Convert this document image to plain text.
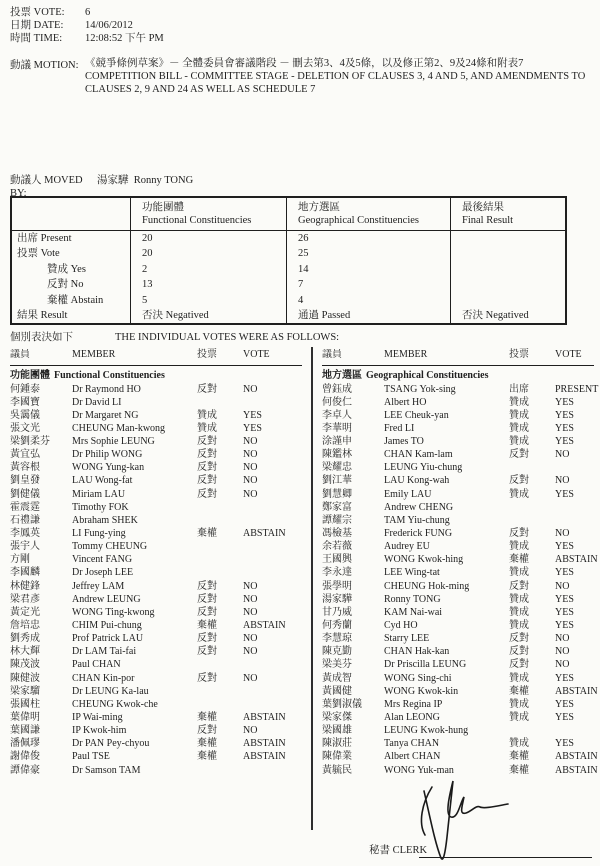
投票 VOTE:	6
日期 DATE:	14/06/2012
時間 TIME:	12:08:52 下午 PM
動議 MOTION: 《競爭條例草案》－ 全體委員會審議階段 － 刪去第3、4及5條，以及修正第2、9及24條和附表7
COMPETITION BILL - COMMITTEE STAGE - DELETION OF CLAUSES 3, 4 AND 5, AND AMENDMENTS TO
CLAUSES 2, 9 AND 24 AS WELL AS SCHEDULE 7
動議人 MOVED BY:
湯家驊  Ronny TONG
功能團體
Functional Constituencies
地方選區
Geographical Constituencies
最後結果
Final Result
出席 Present	20	26
投票 Vote	20	25
贊成 Yes	2	14
反對 No	13	7
棄權 Abstain	5	4
結果 Result	否決 Negatived	通過 Passed	否決 Negatived
個別表決如下	THE INDIVIDUAL VOTES WERE AS FOLLOWS:
議員	MEMBER	投票	VOTE
功能團體 Functional Constituencies
何鍾泰	Dr Raymond HO	反對	NO
李國寶	Dr David LI
吳靄儀	Dr Margaret NG	贊成	YES
張文光	CHEUNG Man-kwong	贊成	YES
梁劉柔芬	Mrs Sophie LEUNG	反對	NO
黃宜弘	Dr Philip WONG	反對	NO
黃容根	WONG Yung-kan	反對	NO
劉皇發	LAU Wong-fat	反對	NO
劉健儀	Miriam LAU	反對	NO
霍震霆	Timothy FOK
石禮謙	Abraham SHEK
李鳳英	LI Fung-ying	棄權	ABSTAIN
張宇人	Tommy CHEUNG
方剛	Vincent FANG
李國麟	Dr Joseph LEE
林健鋒	Jeffrey LAM	反對	NO
梁君彥	Andrew LEUNG	反對	NO
黃定光	WONG Ting-kwong	反對	NO
詹培忠	CHIM Pui-chung	棄權	ABSTAIN
劉秀成	Prof Patrick LAU	反對	NO
林大輝	Dr LAM Tai-fai	反對	NO
陳茂波	Paul CHAN
陳健波	CHAN Kin-por	反對	NO
梁家騮	Dr LEUNG Ka-lau
張國柱	CHEUNG Kwok-che
葉偉明	IP Wai-ming	棄權	ABSTAIN
葉國謙	IP Kwok-him	反對	NO
潘佩璆	Dr PAN Pey-chyou	棄權	ABSTAIN
謝偉俊	Paul TSE	棄權	ABSTAIN
譚偉豪	Dr Samson TAM
議員	MEMBER	投票	VOTE
地方選區 Geographical Constituencies
曾鈺成	TSANG Yok-sing	出席	PRESENT
何俊仁	Albert HO	贊成	YES
李卓人	LEE Cheuk-yan	贊成	YES
李華明	Fred LI	贊成	YES
涂謹申	James TO	贊成	YES
陳鑑林	CHAN Kam-lam	反對	NO
梁耀忠	LEUNG Yiu-chung
劉江華	LAU Kong-wah	反對	NO
劉慧卿	Emily LAU	贊成	YES
鄭家富	Andrew CHENG
譚耀宗	TAM Yiu-chung
馮檢基	Frederick FUNG	反對	NO
余若薇	Audrey EU	贊成	YES
王國興	WONG Kwok-hing	棄權	ABSTAIN
李永達	LEE Wing-tat	贊成	YES
張學明	CHEUNG Hok-ming	反對	NO
湯家驊	Ronny TONG	贊成	YES
甘乃威	KAM Nai-wai	贊成	YES
何秀蘭	Cyd HO	贊成	YES
李慧琼	Starry LEE	反對	NO
陳克勤	CHAN Hak-kan	反對	NO
梁美芬	Dr Priscilla LEUNG	反對	NO
黃成智	WONG Sing-chi	贊成	YES
黃國健	WONG Kwok-kin	棄權	ABSTAIN
葉劉淑儀	Mrs Regina IP	贊成	YES
梁家傑	Alan LEONG	贊成	YES
梁國雄	LEUNG Kwok-hung
陳淑莊	Tanya CHAN	贊成	YES
陳偉業	Albert CHAN	棄權	ABSTAIN
黃毓民	WONG Yuk-man	棄權	ABSTAIN
秘書 CLERK
